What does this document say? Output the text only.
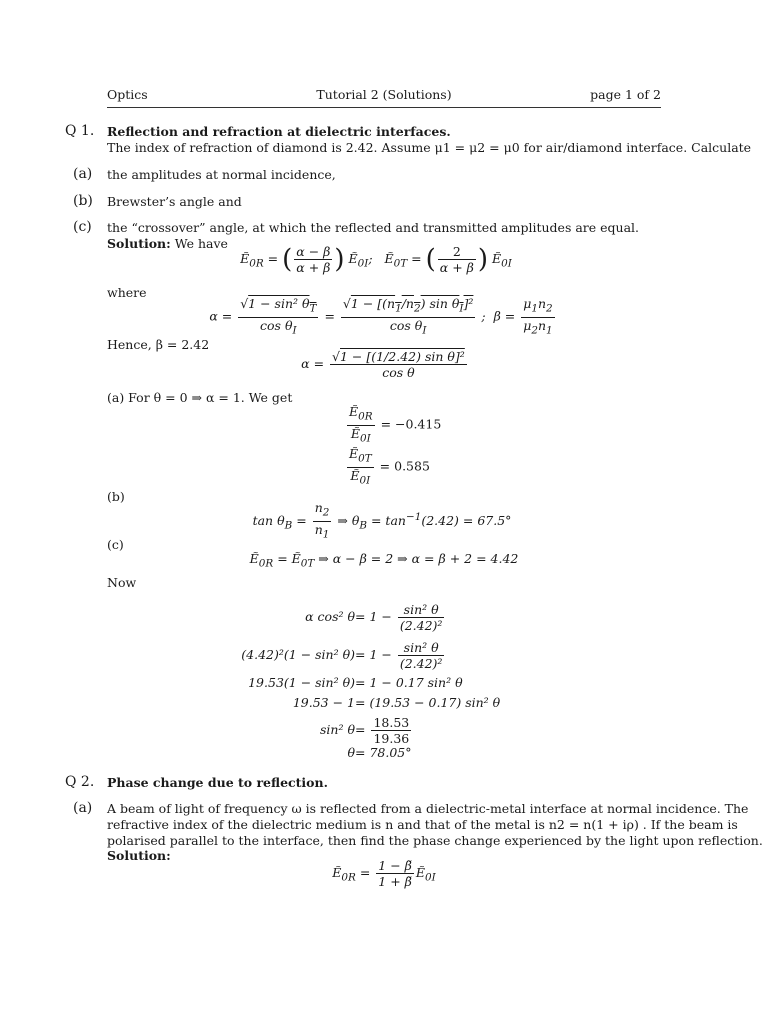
Optics	Tutorial 2 (Solutions)	page 1 of 2
Q 1. Reflection and refraction at dielectric interfaces.
The index of refraction of diamond is 2.42. Assume μ1 = μ2 = μ0 for air/diamond interface. Calculate
(a) the amplitudes at normal incidence,
(b) Brewster’s angle and
(c) the “crossover” angle, at which the reflected and transmitted amplitudes are equal.
Solution: We have
Ẽ$_{0R}$ = ( $\frac{\alpha - \beta}{\alpha + \beta}$ ) Ẽ$_{0I}$;   Ẽ$_{0T}$ = ( $\frac{2}{\alpha + \beta}$ ) Ẽ$_{0I}$
where
$\alpha = \frac{√1 - \sin^2 \theta_T}{\cos \theta_I} = \frac{√1 - [(n_1/n_2) \sin \theta_I]^2}{\cos \theta_I}$ ;  $\beta = \frac{\mu_1n_2}{\mu_2n_1}$
Hence, β = 2.42
$\alpha = \frac{\text{√1 − [(1/2.42) sin θ]²}}{\text{cos θ}}$
(a) For θ = 0 ⇒ α = 1. We get
$\frac{Ẽ_{0R}}{Ẽ_{0I}} = -0.415$
$\frac{Ẽ_{0T}}{Ẽ_{0I}} = 0.585$
(b)
$\tan \theta_B = \frac{n_2}{n_1}$ ⇒ $\theta_B = \tan^{-1}(2.42) = 67.5^\circ$
(c)
Ẽ$_{0R}$ = Ẽ$_{0T}$ ⇒ α − β = 2 ⇒ α = β + 2 = 4.42
Now
α cos² $\theta = 1 - \frac{\text{sin² θ}}{\text{(2.42)²}}$
(4.42)²(1 − sin² $\theta) = 1 - \frac{\text{sin² θ}}{\text{(2.42)²}}$
19.53(1 − sin² θ) = 1 − 0.17 sin² θ
19.53 − 1 = (19.53 − 0.17) sin² θ
sin² $\theta = \frac{18.53}{19.36}$
θ = 78.05°
Q 2. Phase change due to reflection.
(a) A beam of light of frequency ω is reflected from a dielectric-metal interface at normal incidence. The
refractive index of the dielectric medium is n and that of the metal is n2 = n(1 + iρ) . If the beam is
polarised parallel to the interface, then find the phase change experienced by the light upon reflection.
Solution:
Ẽ$_{0R}$ = $\frac{1 - \betã}{1 + \betã}$ Ẽ$_{0I}$
